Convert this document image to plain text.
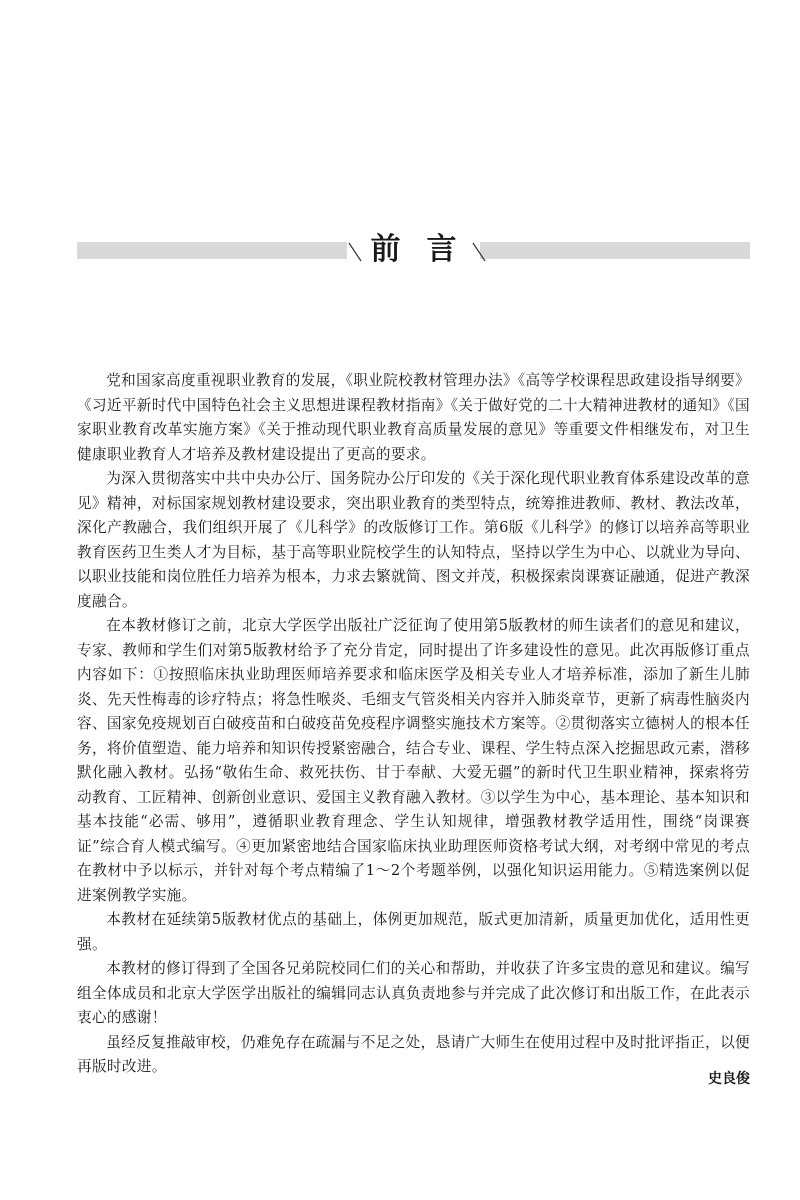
前言

党和国家高度重视职业教育的发展，《职业院校教材管理办法》《高等学校课程思政建设指导纲要》《习近平新时代中国特色社会主义思想进课程教材指南》《关于做好党的二十大精神进教材的通知》《国家职业教育改革实施方案》《关于推动现代职业教育高质量发展的意见》等重要文件相继发布，对卫生健康职业教育人才培养及教材建设提出了更高的要求。

为深入贯彻落实中共中央办公厅、国务院办公厅印发的《关于深化现代职业教育体系建设改革的意见》精神，对标国家规划教材建设要求，突出职业教育的类型特点，统筹推进教师、教材、教法改革，深化产教融合，我们组织开展了《儿科学》的改版修订工作。第6版《儿科学》的修订以培养高等职业教育医药卫生类人才为目标，基于高等职业院校学生的认知特点，坚持以学生为中心、以就业为导向、以职业技能和岗位胜任力培养为根本，力求去繁就简、图文并茂，积极探索岗课赛证融通，促进产教深度融合。

在本教材修订之前，北京大学医学出版社广泛征询了使用第5版教材的师生读者们的意见和建议，专家、教师和学生们对第5版教材给予了充分肯定，同时提出了许多建设性的意见。此次再版修订重点内容如下：①按照临床执业助理医师培养要求和临床医学及相关专业人才培养标准，添加了新生儿肺炎、先天性梅毒的诊疗特点；将急性喉炎、毛细支气管炎相关内容并入肺炎章节，更新了病毒性脑炎内容、国家免疫规划百白破疫苗和白破疫苗免疫程序调整实施技术方案等。②贯彻落实立德树人的根本任务，将价值塑造、能力培养和知识传授紧密融合，结合专业、课程、学生特点深入挖掘思政元素，潜移默化融入教材。弘扬“敬佑生命、救死扶伤、甘于奉献、大爱无疆”的新时代卫生职业精神，探索将劳动教育、工匠精神、创新创业意识、爱国主义教育融入教材。③以学生为中心，基本理论、基本知识和基本技能“必需、够用”，遵循职业教育理念、学生认知规律，增强教材教学适用性，围绕“岗课赛证”综合育人模式编写。④更加紧密地结合国家临床执业助理医师资格考试大纲，对考纲中常见的考点在教材中予以标示，并针对每个考点精编了1～2个考题举例，以强化知识运用能力。⑤精选案例以促进案例教学实施。

本教材在延续第5版教材优点的基础上，体例更加规范，版式更加清新，质量更加优化，适用性更强。

本教材的修订得到了全国各兄弟院校同仁们的关心和帮助，并收获了许多宝贵的意见和建议。编写组全体成员和北京大学医学出版社的编辑同志认真负责地参与并完成了此次修订和出版工作，在此表示衷心的感谢！

虽经反复推敲审校，仍难免存在疏漏与不足之处，恳请广大师生在使用过程中及时批评指正，以便再版时改进。

史良俊
